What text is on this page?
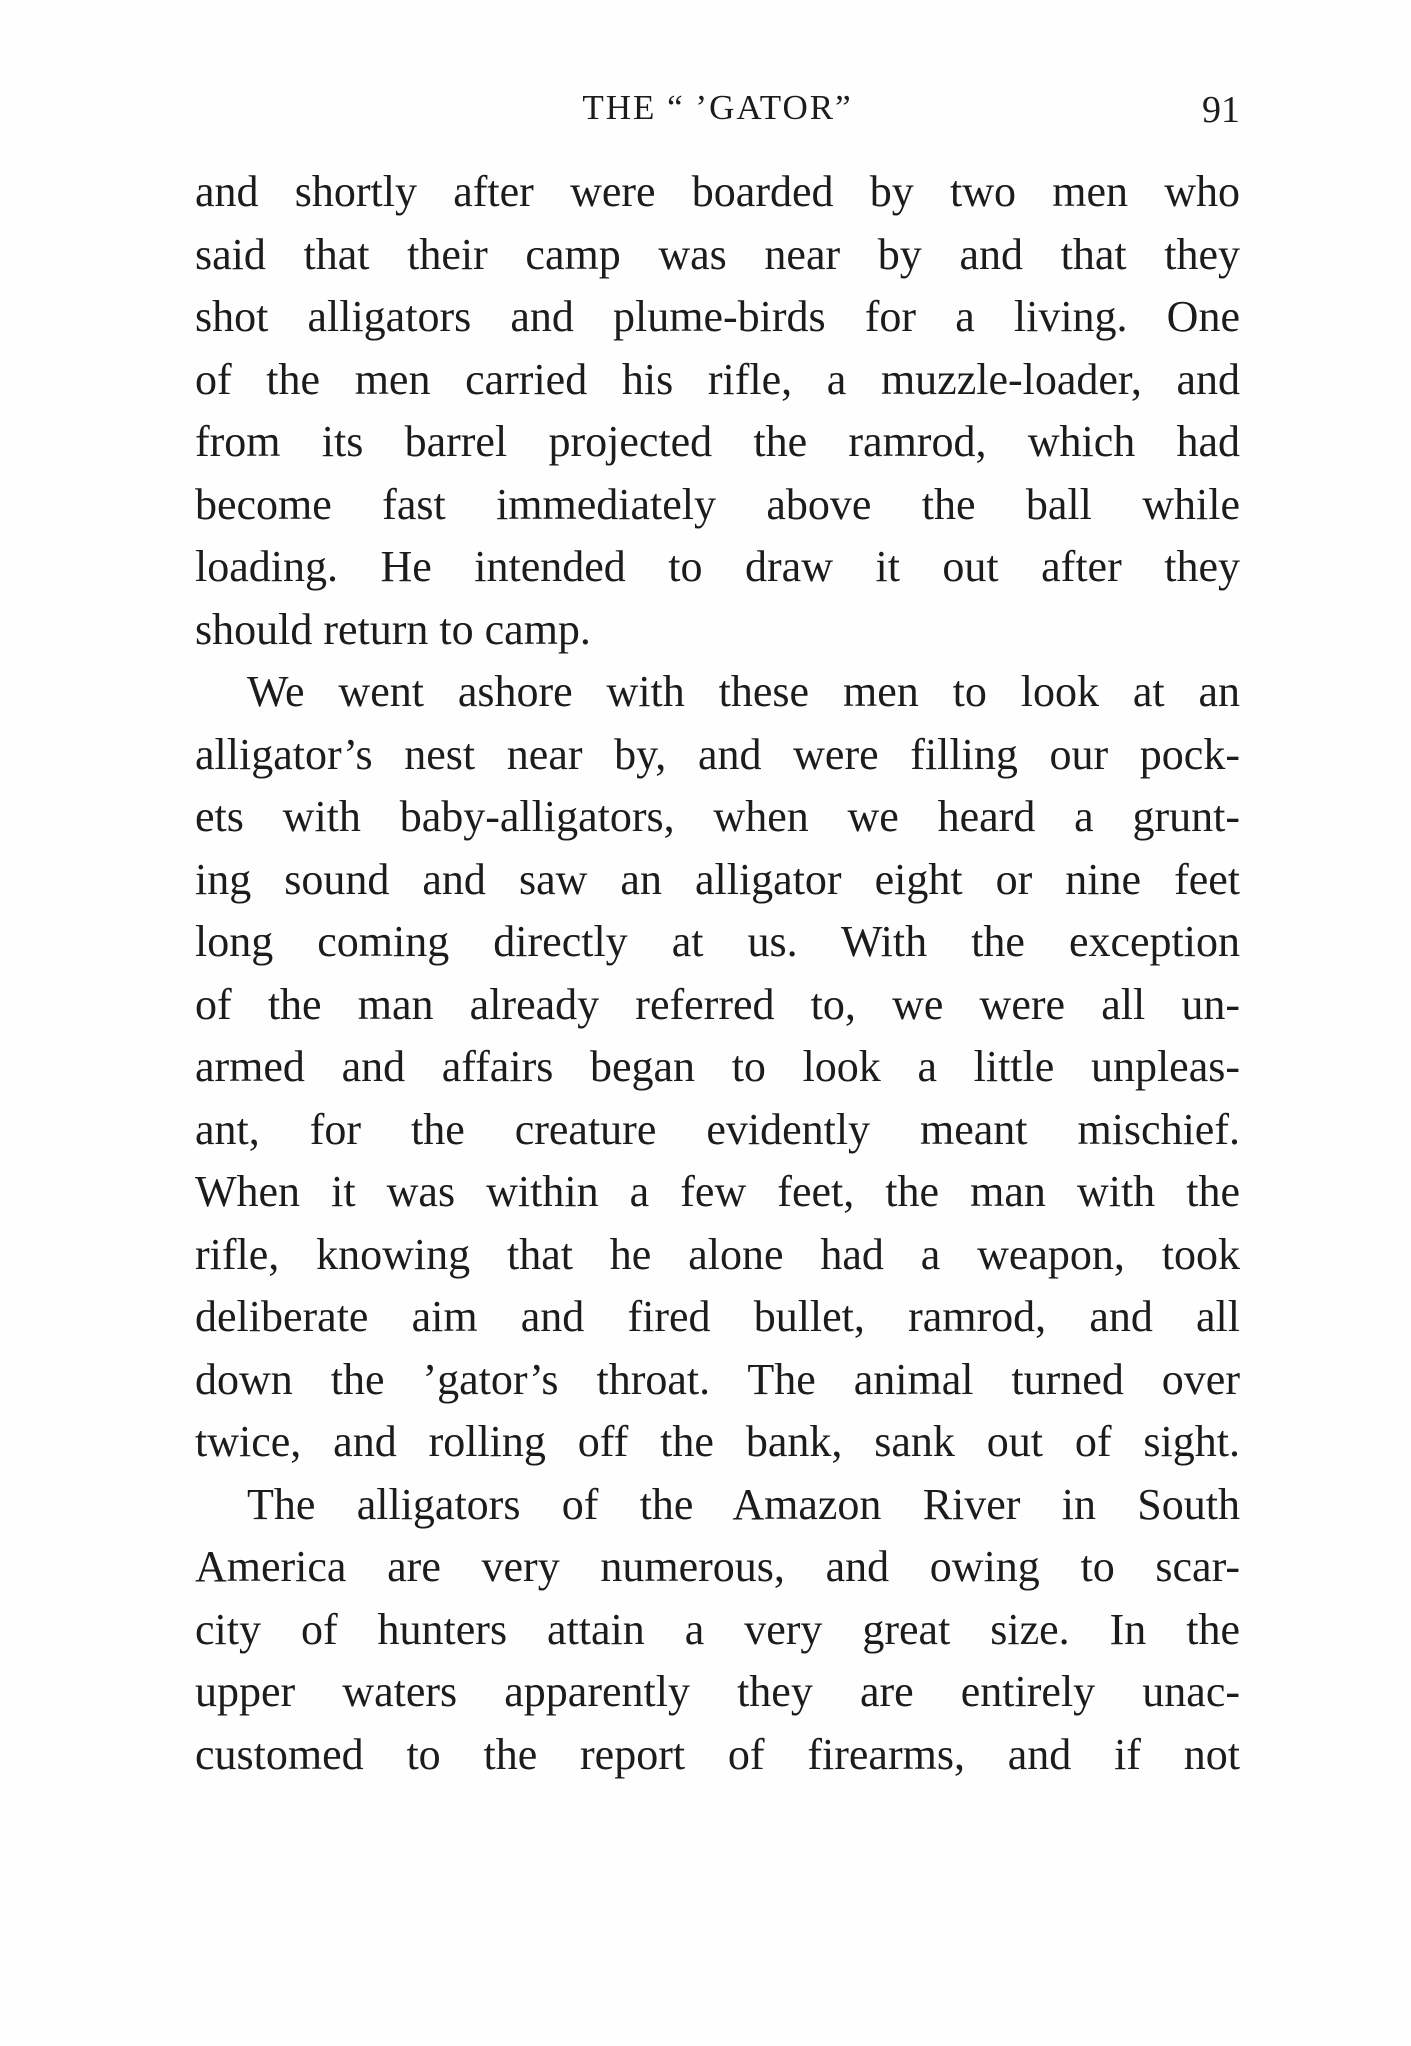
THE “ ’GATOR”	91
and shortly after were boarded by two men who
said that their camp was near by and that they
shot alligators and plume-birds for a living. One
of the men carried his rifle, a muzzle-loader, and
from its barrel projected the ramrod, which had
become fast immediately above the ball while
loading. He intended to draw it out after they
should return to camp.
We went ashore with these men to look at an
alligator’s nest near by, and were filling our pock-
ets with baby-alligators, when we heard a grunt-
ing sound and saw an alligator eight or nine feet
long coming directly at us. With the exception
of the man already referred to, we were all un-
armed and affairs began to look a little unpleas-
ant, for the creature evidently meant mischief.
When it was within a few feet, the man with the
rifle, knowing that he alone had a weapon, took
deliberate aim and fired bullet, ramrod, and all
down the ’gator’s throat. The animal turned over
twice, and rolling off the bank, sank out of sight.
The alligators of the Amazon River in South
America are very numerous, and owing to scar-
city of hunters attain a very great size. In the
upper waters apparently they are entirely unac-
customed to the report of firearms, and if not
